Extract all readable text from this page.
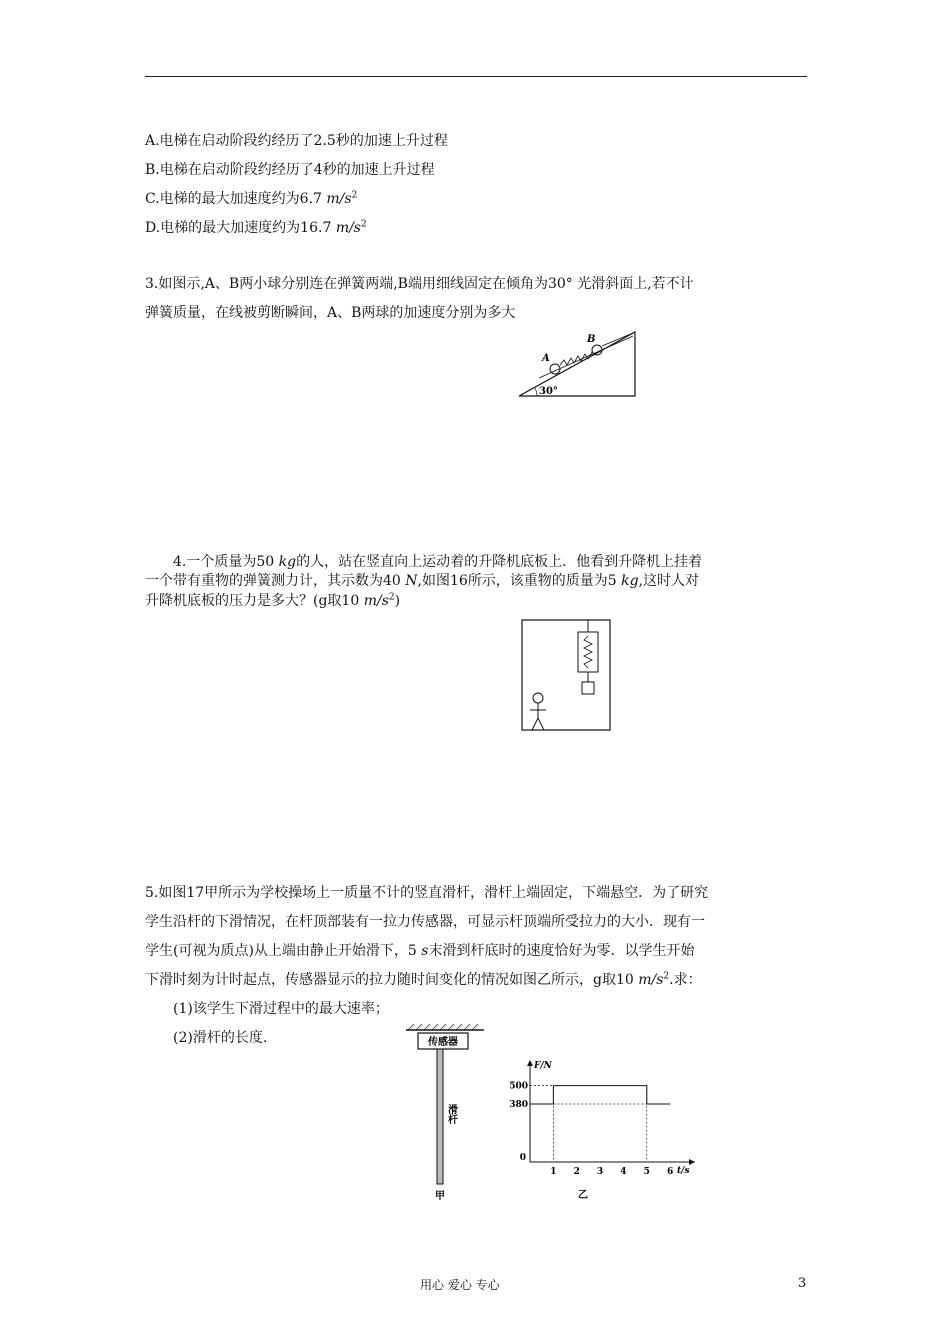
A.电梯在启动阶段约经历了2.5秒的加速上升过程
B.电梯在启动阶段约经历了4秒的加速上升过程
C.电梯的最大加速度约为6.7 $m/s^2$
D.电梯的最大加速度约为16.7 $m/s^2$
3.如图示,A、B两小球分别连在弹簧两端,B端用细线固定在倾角为30° 光滑斜面上,若不计
弹簧质量，在线被剪断瞬间，A、B两球的加速度分别为多大
A
B
30°
4.一个质量为50 kg的人，站在竖直向上运动着的升降机底板上．他看到升降机上挂着
一个带有重物的弹簧测力计，其示数为40 N,如图16所示，该重物的质量为5 kg,这时人对
升降机底板的压力是多大？(g取10 $m/s^2$)
5.如图17甲所示为学校操场上一质量不计的竖直滑杆，滑杆上端固定，下端悬空．为了研究
学生沿杆的下滑情况，在杆顶部装有一拉力传感器，可显示杆顶端所受拉力的大小．现有一
学生(可视为质点)从上端由静止开始滑下，5 s末滑到杆底时的速度恰好为零．以学生开始
下滑时刻为计时起点，传感器显示的拉力随时间变化的情况如图乙所示，g取10 $m/s^2$.求：
(1)该学生下滑过程中的最大速率；
(2)滑杆的长度.	传感器
滑杆
甲
t/s
F/N
0
1 2 3 4 5 6
380
500
乙
用心 爱心 专心	3
